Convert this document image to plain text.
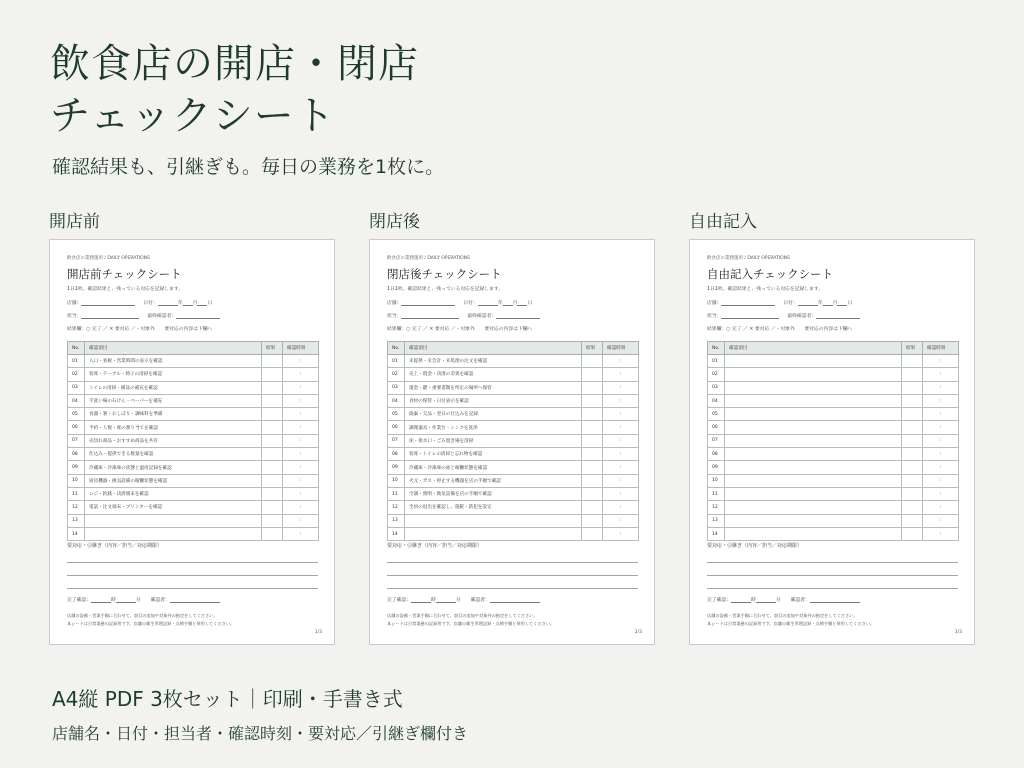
飲食店の開店・閉店
チェックシート
確認結果も、引継ぎも。毎日の業務を1枚に。
開店前
飲食店の業務運用 / DAILY OPERATIONS
開店前チェックシート
1日1枚。確認結果と、残っている対応を記録します。
店舗：	日付：	年 月 日
担当：	最終確認者：
結果欄：○ 完了 ／ × 要対応 ／ - 対象外　　要対応の内容は下欄へ
No.	確認項目	結果	確認時刻
01	入口・看板・営業時間の表示を確認		:
02	客席・テーブル・椅子の清掃を確認		:
03	トイレの清掃・備品の補充を確認		:
04	手洗い場の石けん・ペーパーを補充		:
05	食器・箸・おしぼり・調味料を準備		:
06	予約・人数・席の割り当てを確認		:
07	売切れ商品・おすすめ商品を共有		:
08	仕込み・提供できる数量を確認		:
09	冷蔵庫・冷凍庫の状態と温度記録を確認		:
10	厨房機器・換気設備の稼働状態を確認		:
11	レジ・釣銭・決済端末を確認		:
12	電話・注文端末・プリンターを確認		:
13			:
14			:
要対応・引継ぎ（内容／担当／対応期限）
完了確認：	時	分 確認者：
店舗の設備・営業手順に合わせて、項目の追加や対象外の指定をしてください。
本シートは日常業務の記録用です。店舗の衛生管理記録・点検手順と併用してください。
1/3
閉店後
飲食店の業務運用 / DAILY OPERATIONS
閉店後チェックシート
1日1枚。確認結果と、残っている対応を記録します。
店舗：	日付：	年 月 日
担当：	最終確認者：
結果欄：○ 完了 ／ × 要対応 ／ - 対象外　　要対応の内容は下欄へ
No.	確認項目	結果	確認時刻
01	未提供・未会計・未処理の注文を確認		:
02	売上・現金・決済の差異を確認		:
03	現金・鍵・重要書類を所定の場所へ保管		:
04	食材の保管・日付表示を確認		:
05	廃棄・欠品・翌日の仕込みを記録		:
06	調理器具・作業台・シンクを洗浄		:
07	床・排水口・ごみ置き場を清掃		:
08	客席・トイレの清掃と忘れ物を確認		:
09	冷蔵庫・冷凍庫の扉と稼働状態を確認		:
10	火元・ガス・停止する機器を店の手順で確認		:
11	空調・照明・換気設備を店の手順で確認		:
12	全員の退出を確認し、施錠・防犯を設定		:
13			:
14			:
要対応・引継ぎ（内容／担当／対応期限）
完了確認：	時	分 確認者：
店舗の設備・営業手順に合わせて、項目の追加や対象外の指定をしてください。
本シートは日常業務の記録用です。店舗の衛生管理記録・点検手順と併用してください。
2/3
自由記入
飲食店の業務運用 / DAILY OPERATIONS
自由記入チェックシート
1日1枚。確認結果と、残っている対応を記録します。
店舗：	日付：	年 月 日
担当：	最終確認者：
結果欄：○ 完了 ／ × 要対応 ／ - 対象外　　要対応の内容は下欄へ
No.	確認項目	結果	確認時刻
01			:
02			:
03			:
04			:
05			:
06			:
07			:
08			:
09			:
10			:
11			:
12			:
13			:
14			:
要対応・引継ぎ（内容／担当／対応期限）
完了確認：	時	分 確認者：
店舗の設備・営業手順に合わせて、項目の追加や対象外の指定をしてください。
本シートは日常業務の記録用です。店舗の衛生管理記録・点検手順と併用してください。
3/3
A4縦 PDF 3枚セット｜印刷・手書き式
店舗名・日付・担当者・確認時刻・要対応／引継ぎ欄付き
